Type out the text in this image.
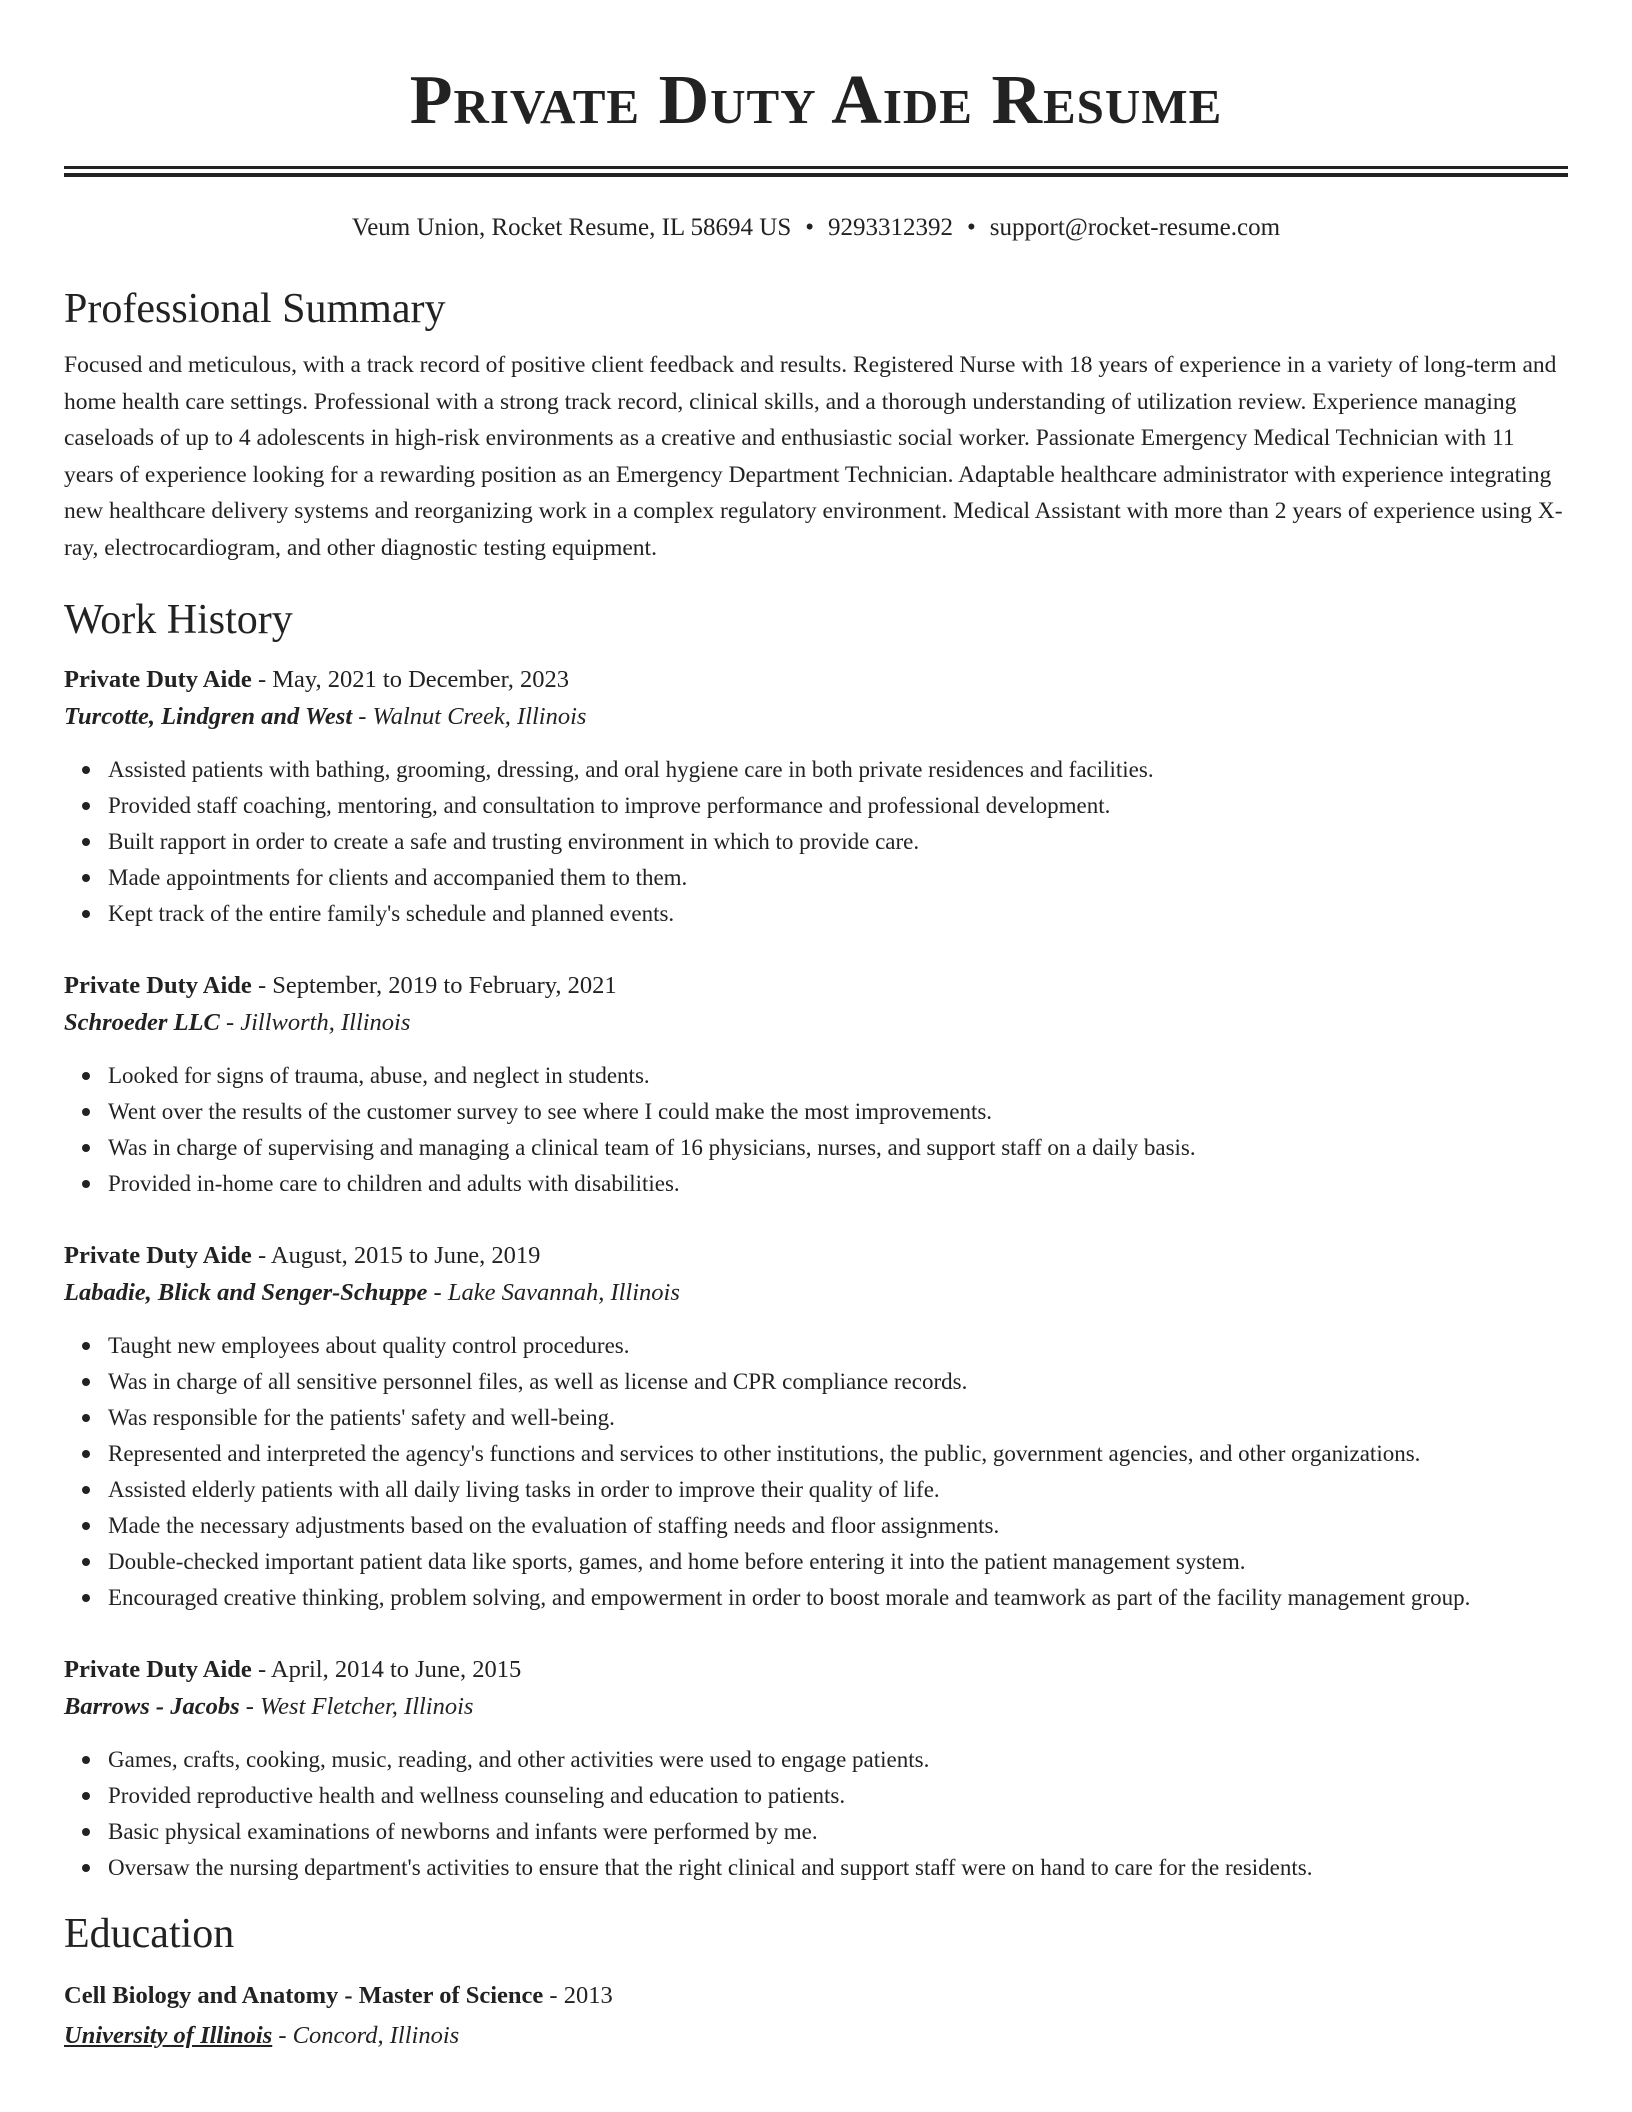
Private Duty Aide Resume
Veum Union, Rocket Resume, IL 58694 US • 9293312392 • support@rocket-resume.com
Professional Summary

Focused and meticulous, with a track record of positive client feedback and results. Registered Nurse with 18 years of experience in a variety of long-term and home health care settings. Professional with a strong track record, clinical skills, and a thorough understanding of utilization review. Experience managing caseloads of up to 4 adolescents in high-risk environments as a creative and enthusiastic social worker. Passionate Emergency Medical Technician with 11 years of experience looking for a rewarding position as an Emergency Department Technician. Adaptable healthcare administrator with experience integrating new healthcare delivery systems and reorganizing work in a complex regulatory environment. Medical Assistant with more than 2 years of experience using X-ray, electrocardiogram, and other diagnostic testing equipment.

Work History
Private Duty Aide - May, 2021 to December, 2023
Turcotte, Lindgren and West - Walnut Creek, Illinois
Assisted patients with bathing, grooming, dressing, and oral hygiene care in both private residences and facilities.
Provided staff coaching, mentoring, and consultation to improve performance and professional development.
Built rapport in order to create a safe and trusting environment in which to provide care.
Made appointments for clients and accompanied them to them.
Kept track of the entire family's schedule and planned events.
Private Duty Aide - September, 2019 to February, 2021
Schroeder LLC - Jillworth, Illinois
Looked for signs of trauma, abuse, and neglect in students.
Went over the results of the customer survey to see where I could make the most improvements.
Was in charge of supervising and managing a clinical team of 16 physicians, nurses, and support staff on a daily basis.
Provided in-home care to children and adults with disabilities.
Private Duty Aide - August, 2015 to June, 2019
Labadie, Blick and Senger-Schuppe - Lake Savannah, Illinois
Taught new employees about quality control procedures.
Was in charge of all sensitive personnel files, as well as license and CPR compliance records.
Was responsible for the patients' safety and well-being.
Represented and interpreted the agency's functions and services to other institutions, the public, government agencies, and other organizations.
Assisted elderly patients with all daily living tasks in order to improve their quality of life.
Made the necessary adjustments based on the evaluation of staffing needs and floor assignments.
Double-checked important patient data like sports, games, and home before entering it into the patient management system.
Encouraged creative thinking, problem solving, and empowerment in order to boost morale and teamwork as part of the facility management group.
Private Duty Aide - April, 2014 to June, 2015
Barrows - Jacobs - West Fletcher, Illinois
Games, crafts, cooking, music, reading, and other activities were used to engage patients.
Provided reproductive health and wellness counseling and education to patients.
Basic physical examinations of newborns and infants were performed by me.
Oversaw the nursing department's activities to ensure that the right clinical and support staff were on hand to care for the residents.
Education
Cell Biology and Anatomy - Master of Science - 2013
University of Illinois - Concord, Illinois
